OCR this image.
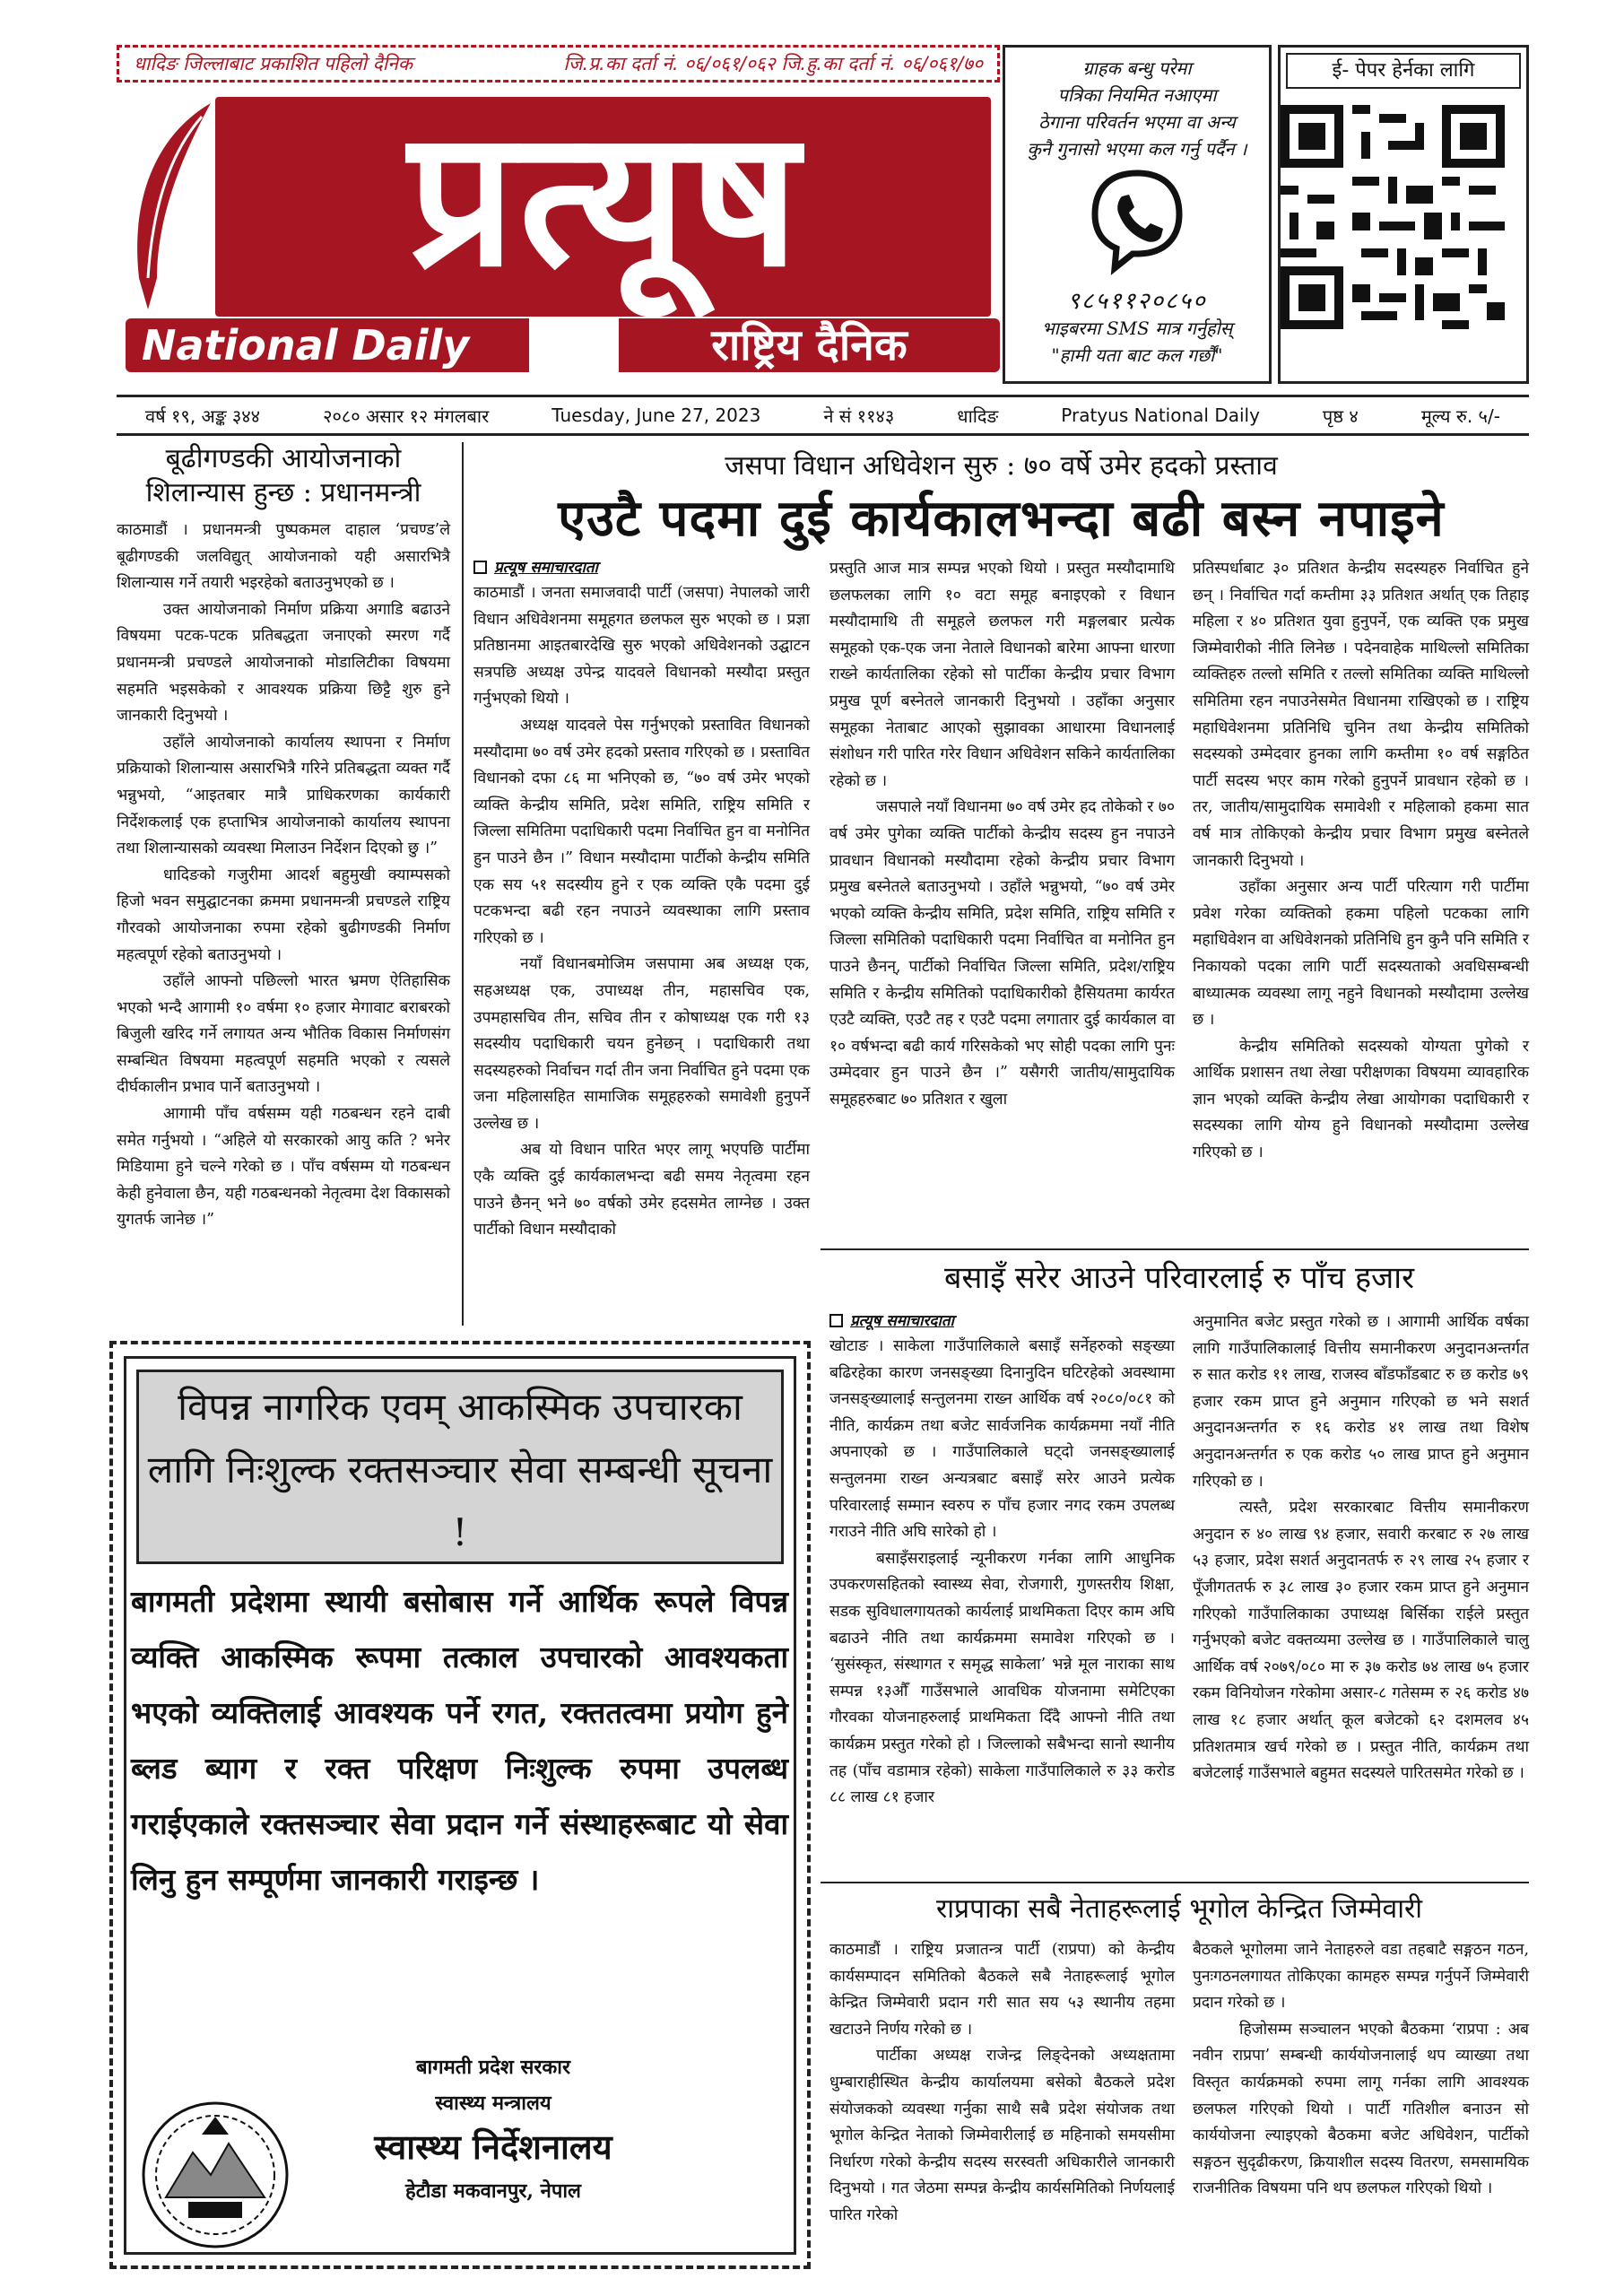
धादिङ जिल्लाबाट प्रकाशित पहिलो दैनिक	जि.प्र.का दर्ता नं. ०६/०६१/०६२ जि.हु.का दर्ता नं. ०६/०६१/७०
प्रत्यूष
National Daily	राष्ट्रिय दैनिक
ग्राहक बन्धु परेमा
पत्रिका नियमित नआएमा
ठेगाना परिवर्तन भएमा वा अन्य
कुनै गुनासो भएमा कल गर्नु पर्दैन ।
९८५११२०८५०
भाइबरमा SMS मात्र गर्नुहोस्
"हामी यता बाट कल गर्छौं"
ई- पेपर हेर्नका लागि
वर्ष १९, अङ्क ३४४	२०८० असार १२ मंगलबार	Tuesday, June 27, 2023	ने सं ११४३	धादिङ	Pratyus National Daily	पृष्ठ ४	मूल्य रु. ५/-
बूढीगण्डकी आयोजनाको शिलान्यास हुन्छ : प्रधानमन्त्री

काठमाडौं । प्रधानमन्त्री पुष्पकमल दाहाल ‘प्रचण्ड’ले बूढीगण्डकी जलविद्युत् आयोजनाको यही असारभित्रै शिलान्यास गर्ने तयारी भइरहेको बताउनुभएको छ ।

उक्त आयोजनाको निर्माण प्रक्रिया अगाडि बढाउने विषयमा पटक-पटक प्रतिबद्धता जनाएको स्मरण गर्दै प्रधानमन्त्री प्रचण्डले आयोजनाको मोडालिटीका विषयमा सहमति भइसकेको र आवश्यक प्रक्रिया छिट्टै शुरु हुने जानकारी दिनुभयो ।

उहाँले आयोजनाको कार्यालय स्थापना र निर्माण प्रक्रियाको शिलान्यास असारभित्रै गरिने प्रतिबद्धता व्यक्त गर्दै भन्नुभयो, “आइतबार मात्रै प्राधिकरणका कार्यकारी निर्देशकलाई एक हप्ताभित्र आयोजनाको कार्यालय स्थापना तथा शिलान्यासको व्यवस्था मिलाउन निर्देशन दिएको छु ।”

धादिङको गजुरीमा आदर्श बहुमुखी क्याम्पसको हिजो भवन समुद्घाटनका क्रममा प्रधानमन्त्री प्रचण्डले राष्ट्रिय गौरवको आयोजनाका रुपमा रहेको बुढीगण्डकी निर्माण महत्वपूर्ण रहेको बताउनुभयो ।

उहाँले आफ्नो पछिल्लो भारत भ्रमण ऐतिहासिक भएको भन्दै आगामी १० वर्षमा १० हजार मेगावाट बराबरको बिजुली खरिद गर्ने लगायत अन्य भौतिक विकास निर्माणसंग सम्बन्धित विषयमा महत्वपूर्ण सहमति भएको र त्यसले दीर्घकालीन प्रभाव पार्ने बताउनुभयो ।

आगामी पाँच वर्षसम्म यही गठबन्धन रहने दाबी समेत गर्नुभयो । “अहिले यो सरकारको आयु कति ? भनेर मिडियामा हुने चल्ने गरेको छ । पाँच वर्षसम्म यो गठबन्धन केही हुनेवाला छैन, यही गठबन्धनको नेतृत्वमा देश विकासको युगतर्फ जानेछ ।”

जसपा विधान अधिवेशन सुरु : ७० वर्षे उमेर हदको प्रस्ताव
एउटै पदमा दुई कार्यकालभन्दा बढी बस्न नपाइने
प्रत्यूष समाचारदाता

काठमाडौं । जनता समाजवादी पार्टी (जसपा) नेपालको जारी विधान अधिवेशनमा समूहगत छलफल सुरु भएको छ । प्रज्ञा प्रतिष्ठानमा आइतबारदेखि सुरु भएको अधिवेशनको उद्घाटन सत्रपछि अध्यक्ष उपेन्द्र यादवले विधानको मस्यौदा प्रस्तुत गर्नुभएको थियो ।

अध्यक्ष यादवले पेस गर्नुभएको प्रस्तावित विधानको मस्यौदामा ७० वर्ष उमेर हदको प्रस्ताव गरिएको छ । प्रस्तावित विधानको दफा ८६ मा भनिएको छ, “७० वर्ष उमेर भएको व्यक्ति केन्द्रीय समिति, प्रदेश समिति, राष्ट्रिय समिति र जिल्ला समितिमा पदाधिकारी पदमा निर्वाचित हुन वा मनोनित हुन पाउने छैन ।” विधान मस्यौदामा पार्टीको केन्द्रीय समिति एक सय ५१ सदस्यीय हुने र एक व्यक्ति एकै पदमा दुई पटकभन्दा बढी रहन नपाउने व्यवस्थाका लागि प्रस्ताव गरिएको छ ।

नयाँ विधानबमोजिम जसपामा अब अध्यक्ष एक, सहअध्यक्ष एक, उपाध्यक्ष तीन, महासचिव एक, उपमहासचिव तीन, सचिव तीन र कोषाध्यक्ष एक गरी १३ सदस्यीय पदाधिकारी चयन हुनेछन् । पदाधिकारी तथा सदस्यहरुको निर्वाचन गर्दा तीन जना निर्वाचित हुने पदमा एक जना महिलासहित सामाजिक समूहहरुको समावेशी हुनुपर्ने उल्लेख छ ।

अब यो विधान पारित भएर लागू भएपछि पार्टीमा एकै व्यक्ति दुई कार्यकालभन्दा बढी समय नेतृत्वमा रहन पाउने छैनन् भने ७० वर्षको उमेर हदसमेत लाग्नेछ । उक्त पार्टीको विधान मस्यौदाको

प्रस्तुति आज मात्र सम्पन्न भएको थियो । प्रस्तुत मस्यौदामाथि छलफलका लागि १० वटा समूह बनाइएको र विधान मस्यौदामाथि ती समूहले छलफल गरी मङ्गलबार प्रत्येक समूहको एक-एक जना नेताले विधानको बारेमा आफ्ना धारणा राख्ने कार्यतालिका रहेको सो पार्टीका केन्द्रीय प्रचार विभाग प्रमुख पूर्ण बस्नेतले जानकारी दिनुभयो । उहाँका अनुसार समूहका नेताबाट आएको सुझावका आधारमा विधानलाई संशोधन गरी पारित गरेर विधान अधिवेशन सकिने कार्यतालिका रहेको छ ।

जसपाले नयाँ विधानमा ७० वर्ष उमेर हद तोकेको र ७० वर्ष उमेर पुगेका व्यक्ति पार्टीको केन्द्रीय सदस्य हुन नपाउने प्रावधान विधानको मस्यौदामा रहेको केन्द्रीय प्रचार विभाग प्रमुख बस्नेतले बताउनुभयो । उहाँले भन्नुभयो, “७० वर्ष उमेर भएको व्यक्ति केन्द्रीय समिति, प्रदेश समिति, राष्ट्रिय समिति र जिल्ला समितिको पदाधिकारी पदमा निर्वाचित वा मनोनित हुन पाउने छैनन्, पार्टीको निर्वाचित जिल्ला समिति, प्रदेश/राष्ट्रिय समिति र केन्द्रीय समितिको पदाधिकारीको हैसियतमा कार्यरत एउटै व्यक्ति, एउटै तह र एउटै पदमा लगातार दुई कार्यकाल वा १० वर्षभन्दा बढी कार्य गरिसकेको भए सोही पदका लागि पुनः उम्मेदवार हुन पाउने छैन ।” यसैगरी जातीय/सामुदायिक समूहहरुबाट ७० प्रतिशत र खुला

प्रतिस्पर्धाबाट ३० प्रतिशत केन्द्रीय सदस्यहरु निर्वाचित हुने छन् । निर्वाचित गर्दा कम्तीमा ३३ प्रतिशत अर्थात् एक तिहाइ महिला र ४० प्रतिशत युवा हुनुपर्ने, एक व्यक्ति एक प्रमुख जिम्मेवारीको नीति लिनेछ । पदेनवाहेक माथिल्लो समितिका व्यक्तिहरु तल्लो समिति र तल्लो समितिका व्यक्ति माथिल्लो समितिमा रहन नपाउनेसमेत विधानमा राखिएको छ । राष्ट्रिय महाधिवेशनमा प्रतिनिधि चुनिन तथा केन्द्रीय समितिको सदस्यको उम्मेदवार हुनका लागि कम्तीमा १० वर्ष सङ्गठित पार्टी सदस्य भएर काम गरेको हुनुपर्ने प्रावधान रहेको छ । तर, जातीय/सामुदायिक समावेशी र महिलाको हकमा सात वर्ष मात्र तोकिएको केन्द्रीय प्रचार विभाग प्रमुख बस्नेतले जानकारी दिनुभयो ।

उहाँका अनुसार अन्य पार्टी परित्याग गरी पार्टीमा प्रवेश गरेका व्यक्तिको हकमा पहिलो पटकका लागि महाधिवेशन वा अधिवेशनको प्रतिनिधि हुन कुनै पनि समिति र निकायको पदका लागि पार्टी सदस्यताको अवधिसम्बन्धी बाध्यात्मक व्यवस्था लागू नहुने विधानको मस्यौदामा उल्लेख छ ।

केन्द्रीय समितिको सदस्यको योग्यता पुगेको र आर्थिक प्रशासन तथा लेखा परीक्षणका विषयमा व्यावहारिक ज्ञान भएको व्यक्ति केन्द्रीय लेखा आयोगका पदाधिकारी र सदस्यका लागि योग्य हुने विधानको मस्यौदामा उल्लेख गरिएको छ ।

बसाइँ सरेर आउने परिवारलाई रु पाँच हजार
प्रत्यूष समाचारदाता

खोटाङ । साकेला गाउँपालिकाले बसाइँ सर्नेहरुको सङ्ख्या बढिरहेका कारण जनसङ्ख्या दिनानुदिन घटिरहेको अवस्थामा जनसङ्ख्यालाई सन्तुलनमा राख्न आर्थिक वर्ष २०८०/०८१ को नीति, कार्यक्रम तथा बजेट सार्वजनिक कार्यक्रममा नयाँ नीति अपनाएको छ । गाउँपालिकाले घट्दो जनसङ्ख्यालाई सन्तुलनमा राख्न अन्यत्रबाट बसाइँ सरेर आउने प्रत्येक परिवारलाई सम्मान स्वरुप रु पाँच हजार नगद रकम उपलब्ध गराउने नीति अघि सारेको हो ।

बसाइँसराइलाई न्यूनीकरण गर्नका लागि आधुनिक उपकरणसहितको स्वास्थ्य सेवा, रोजगारी, गुणस्तरीय शिक्षा, सडक सुविधालगायतको कार्यलाई प्राथमिकता दिएर काम अघि बढाउने नीति तथा कार्यक्रममा समावेश गरिएको छ । ‘सुसंस्कृत, संस्थागत र समृद्ध साकेला’ भन्ने मूल नाराका साथ सम्पन्न १३औँ गाउँसभाले आवधिक योजनामा समेटिएका गौरवका योजनाहरुलाई प्राथमिकता दिँदै आफ्नो नीति तथा कार्यक्रम प्रस्तुत गरेको हो । जिल्लाको सबैभन्दा सानो स्थानीय तह (पाँच वडामात्र रहेको) साकेला गाउँपालिकाले रु ३३ करोड ८८ लाख ८१ हजार

अनुमानित बजेट प्रस्तुत गरेको छ । आगामी आर्थिक वर्षका लागि गाउँपालिकालाई वित्तीय समानीकरण अनुदानअन्तर्गत रु सात करोड ११ लाख, राजस्व बाँडफाँडबाट रु छ करोड ७९ हजार रकम प्राप्त हुने अनुमान गरिएको छ भने सशर्त अनुदानअन्तर्गत रु १६ करोड ४१ लाख तथा विशेष अनुदानअन्तर्गत रु एक करोड ५० लाख प्राप्त हुने अनुमान गरिएको छ ।

त्यस्तै, प्रदेश सरकारबाट वित्तीय समानीकरण अनुदान रु ४० लाख ९४ हजार, सवारी करबाट रु २७ लाख ५३ हजार, प्रदेश सशर्त अनुदानतर्फ रु २९ लाख २५ हजार र पूँजीगततर्फ रु ३८ लाख ३० हजार रकम प्राप्त हुने अनुमान गरिएको गाउँपालिकाका उपाध्यक्ष बिर्सिका राईले प्रस्तुत गर्नुभएको बजेट वक्तव्यमा उल्लेख छ । गाउँपालिकाले चालु आर्थिक वर्ष २०७९/०८० मा रु ३७ करोड ७४ लाख ७५ हजार रकम विनियोजन गरेकोमा असार-८ गतेसम्म रु २६ करोड ४७ लाख १८ हजार अर्थात् कूल बजेटको ६२ दशमलव ४५ प्रतिशतमात्र खर्च गरेको छ । प्रस्तुत नीति, कार्यक्रम तथा बजेटलाई गाउँसभाले बहुमत सदस्यले पारितसमेत गरेको छ ।

राप्रपाका सबै नेताहरूलाई भूगोल केन्द्रित जिम्मेवारी

काठमाडौं । राष्ट्रिय प्रजातन्त्र पार्टी (राप्रपा) को केन्द्रीय कार्यसम्पादन समितिको बैठकले सबै नेताहरूलाई भूगोल केन्द्रित जिम्मेवारी प्रदान गरी सात सय ५३ स्थानीय तहमा खटाउने निर्णय गरेको छ ।

पार्टीका अध्यक्ष राजेन्द्र लिङ्देनको अध्यक्षतामा धुम्बाराहीस्थित केन्द्रीय कार्यालयमा बसेको बैठकले प्रदेश संयोजकको व्यवस्था गर्नुका साथै सबै प्रदेश संयोजक तथा भूगोल केन्द्रित नेताको जिम्मेवारीलाई छ महिनाको समयसीमा निर्धारण गरेको केन्द्रीय सदस्य सरस्वती अधिकारीले जानकारी दिनुभयो । गत जेठमा सम्पन्न केन्द्रीय कार्यसमितिको निर्णयलाई पारित गरेको

बैठकले भूगोलमा जाने नेताहरुले वडा तहबाटै सङ्गठन गठन, पुनःगठनलगायत तोकिएका कामहरु सम्पन्न गर्नुपर्ने जिम्मेवारी प्रदान गरेको छ ।

हिजोसम्म सञ्चालन भएको बैठकमा ‘राप्रपा : अब नवीन राप्रपा’ सम्बन्धी कार्ययोजनालाई थप व्याख्या तथा विस्तृत कार्यक्रमको रुपमा लागू गर्नका लागि आवश्यक छलफल गरिएको थियो । पार्टी गतिशील बनाउन सो कार्ययोजना ल्याइएको बैठकमा बजेट अधिवेशन, पार्टीको सङ्गठन सुदृढीकरण, क्रियाशील सदस्य वितरण, समसामयिक राजनीतिक विषयमा पनि थप छलफल गरिएको थियो ।

विपन्न नागरिक एवम् आकस्मिक उपचारका लागि निःशुल्क रक्तसञ्चार सेवा सम्बन्धी सूचना !
बागमती प्रदेशमा स्थायी बसोबास गर्ने आर्थिक रूपले विपन्न व्यक्ति आकस्मिक रूपमा तत्काल उपचारको आवश्यकता भएको व्यक्तिलाई आवश्यक पर्ने रगत, रक्ततत्वमा प्रयोग हुने ब्लड ब्याग र रक्त परिक्षण निःशुल्क रुपमा उपलब्ध गराईएकाले रक्तसञ्चार सेवा प्रदान गर्ने संस्थाहरूबाट यो सेवा लिनु हुन सम्पूर्णमा जानकारी गराइन्छ ।
बागमती प्रदेश सरकार
स्वास्थ्य मन्त्रालय
स्वास्थ्य निर्देशनालय
हेटौडा मकवानपुर, नेपाल
